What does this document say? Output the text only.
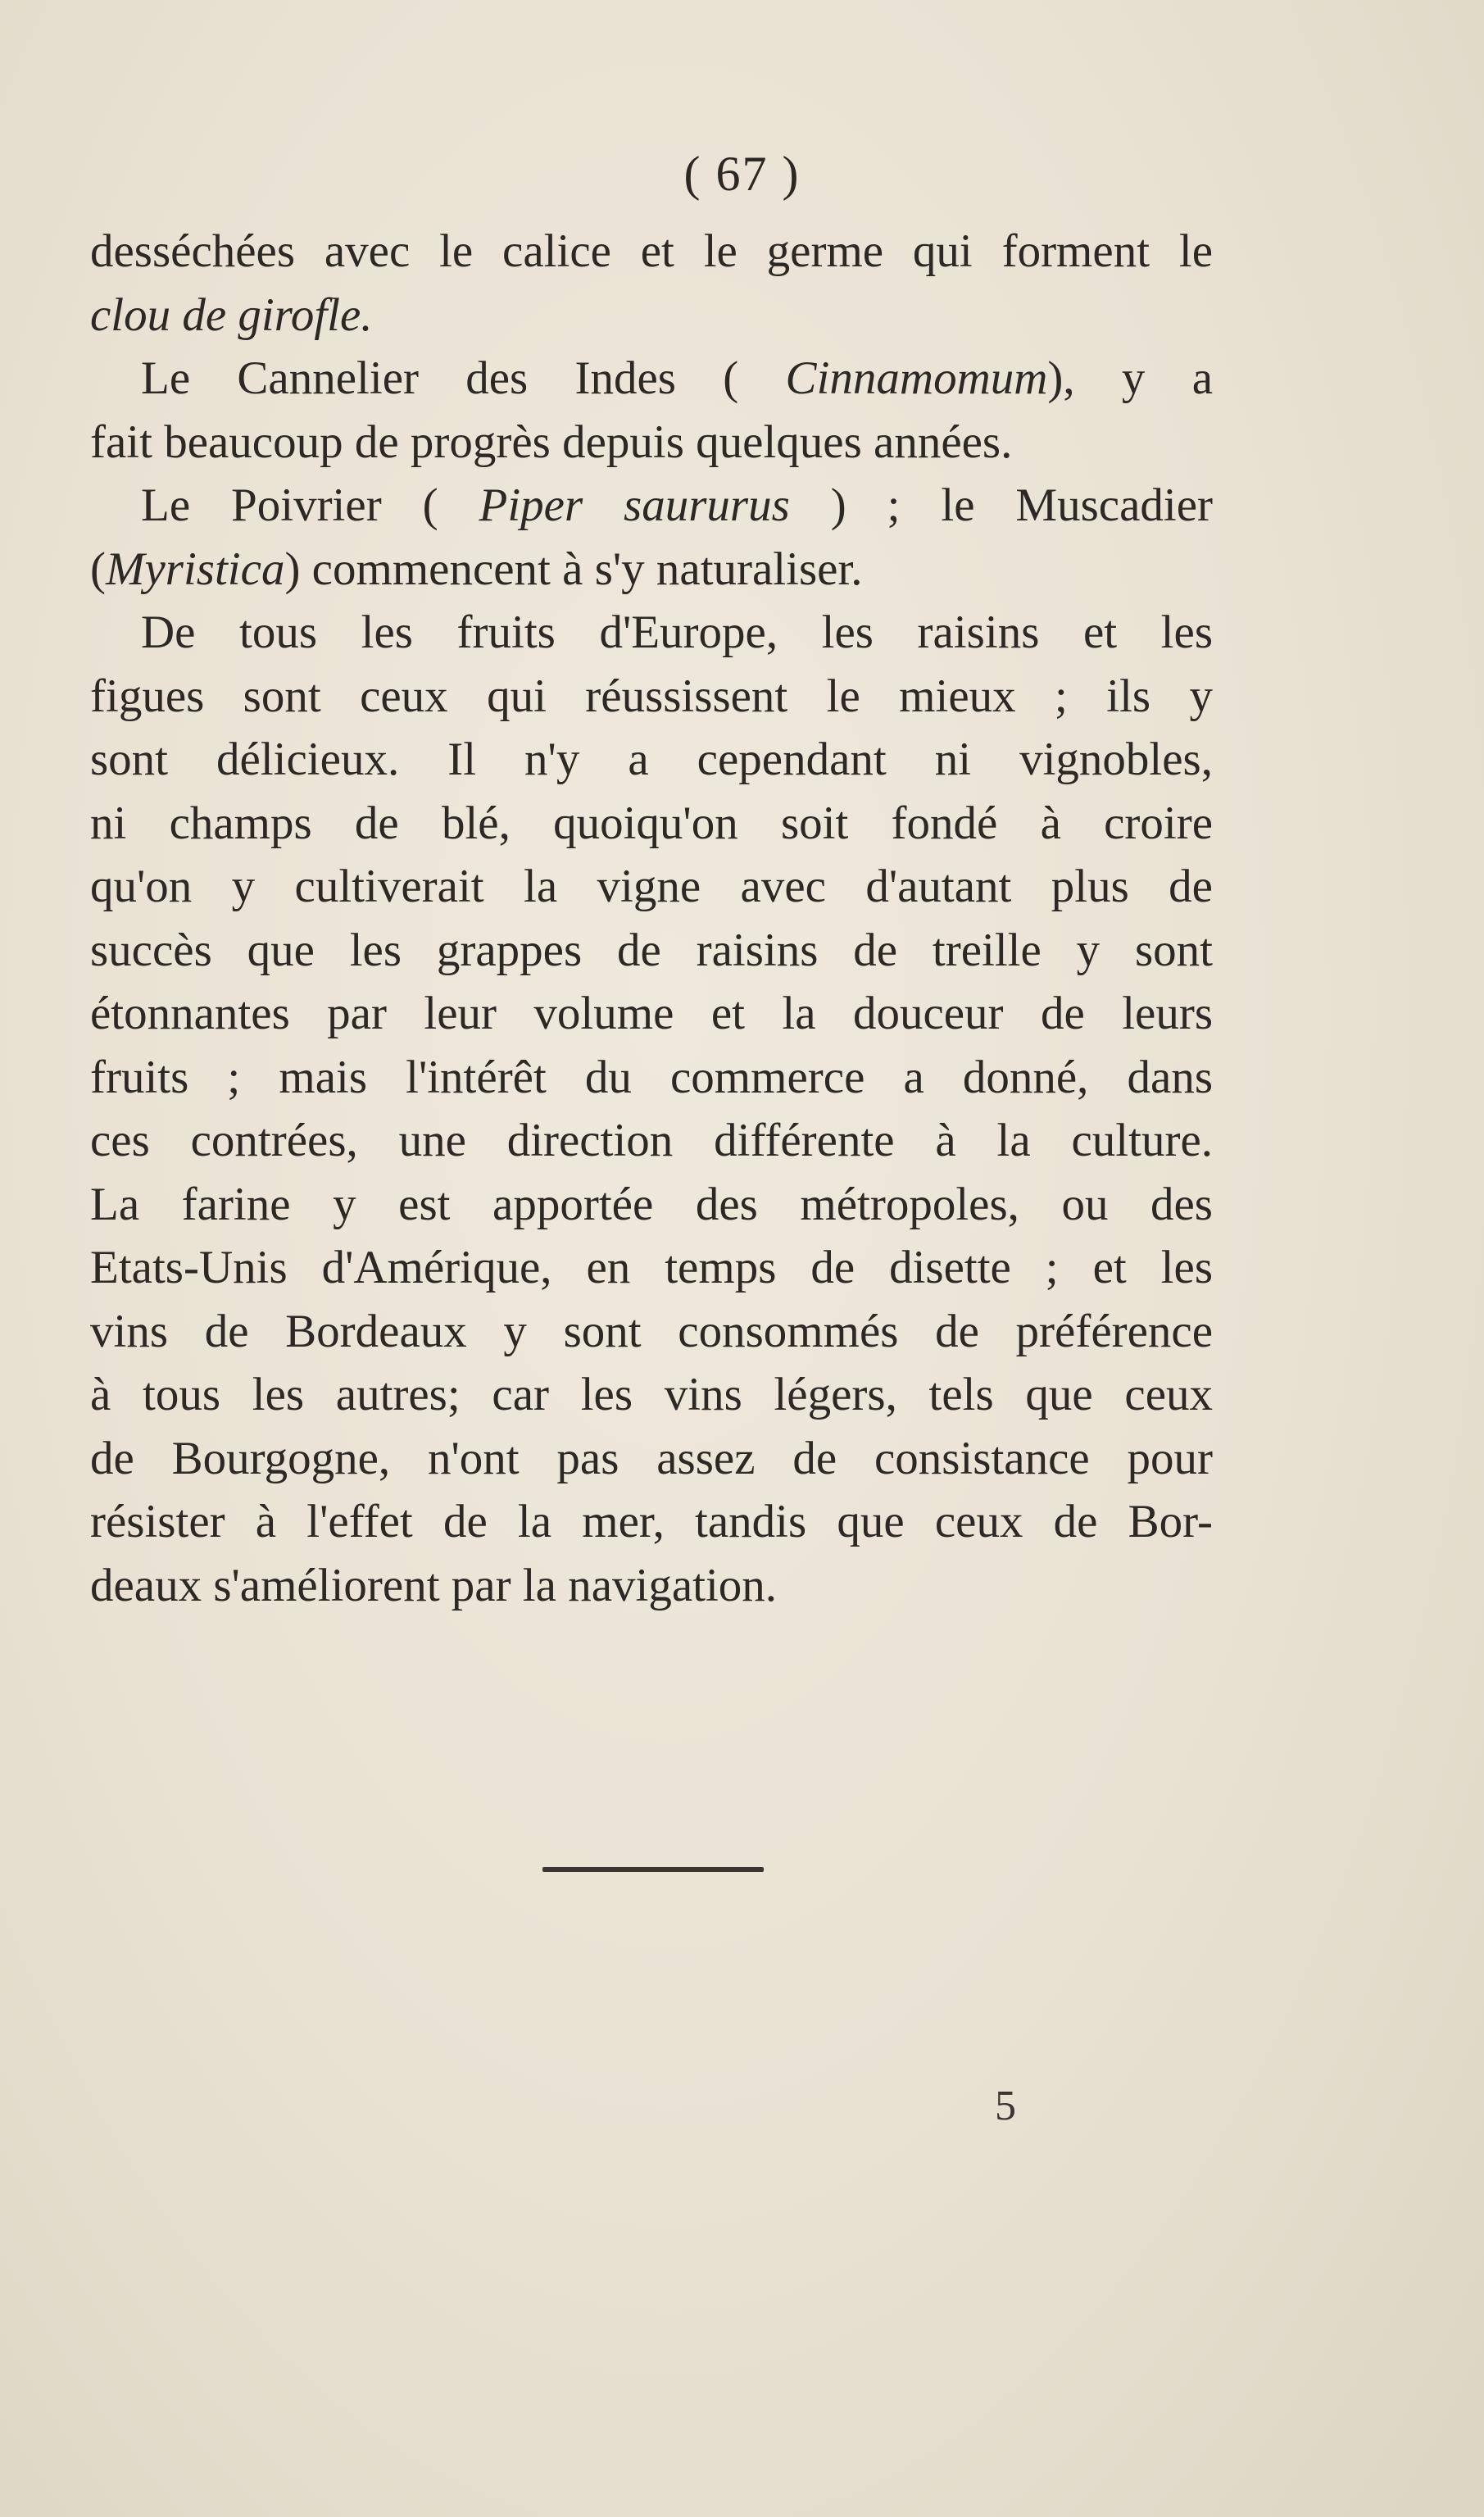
( 67 )

desséchées avec le calice et le germe qui forment le
clou de girofle.

Le Cannelier des Indes ( Cinnamomum), y a
fait beaucoup de progrès depuis quelques années.

Le Poivrier ( Piper saururus ) ; le Muscadier
(Myristica) commencent à s'y naturaliser.

De tous les fruits d'Europe, les raisins et les
figues sont ceux qui réussissent le mieux ; ils y
sont délicieux. Il n'y a cependant ni vignobles,
ni champs de blé, quoiqu'on soit fondé à croire
qu'on y cultiverait la vigne avec d'autant plus de
succès que les grappes de raisins de treille y sont
étonnantes par leur volume et la douceur de leurs
fruits ; mais l'intérêt du commerce a donné, dans
ces contrées, une direction différente à la culture.
La farine y est apportée des métropoles, ou des
Etats-Unis d'Amérique, en temps de disette ; et les
vins de Bordeaux y sont consommés de préférence
à tous les autres; car les vins légers, tels que ceux
de Bourgogne, n'ont pas assez de consistance pour
résister à l'effet de la mer, tandis que ceux de Bor-
deaux s'améliorent par la navigation.

5
